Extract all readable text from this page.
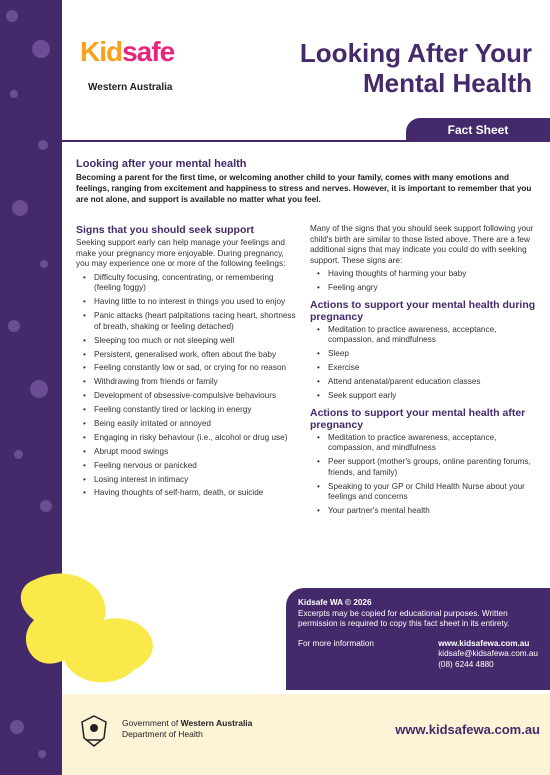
Kidsafe
Western Australia
Looking After Your
Mental Health
Fact Sheet
Looking after your mental health
Becoming a parent for the first time, or welcoming another child to your family, comes with many emotions and feelings, ranging from excitement and happiness to stress and nerves. However, it is important to remember that you are not alone, and support is available no matter what you feel.
Signs that you should seek support
Seeking support early can help manage your feelings and make your pregnancy more enjoyable. During pregnancy, you may experience one or more of the following feelings:
• Difficulty focusing, concentrating, or remembering (feeling foggy)
• Having little to no interest in things you used to enjoy
• Panic attacks (heart palpitations racing heart, shortness of breath, shaking or feeling detached)
• Sleeping too much or not sleeping well
• Persistent, generalised work, often about the baby
• Feeling constantly low or sad, or crying for no reason
• Withdrawing from friends or family
• Development of obsessive-compulsive behaviours
• Feeling constantly tired or lacking in energy
• Being easily irritated or annoyed
• Engaging in risky behaviour (i.e., alcohol or drug use)
• Abrupt mood swings
• Feeling nervous or panicked
• Losing interest in intimacy
• Having thoughts of self-harm, death, or suicide
Many of the signs that you should seek support following your child's birth are similar to those listed above. There are a few additional signs that may indicate you could do with seeking support. These signs are:
• Having thoughts of harming your baby
• Feeling angry
Actions to support your mental health during pregnancy
• Meditation to practice awareness, acceptance, compassion, and mindfulness
• Sleep
• Exercise
• Attend antenatal/parent education classes
• Seek support early
Actions to support your mental health after pregnancy
• Meditation to practice awareness, acceptance, compassion, and mindfulness
• Peer support (mother's groups, online parenting forums, friends, and family)
• Speaking to your GP or Child Health Nurse about your feelings and concerns
• Your partner's mental health
Kidsafe WA © 2026
Excerpts may be copied for educational purposes. Written permission is required to copy this fact sheet in its entirety.
For more information	www.kidsafewa.com.au
kidsafe@kidsafewa.com.au
(08) 6244 4880
Government of Western Australia
Department of Health	www.kidsafewa.com.au
